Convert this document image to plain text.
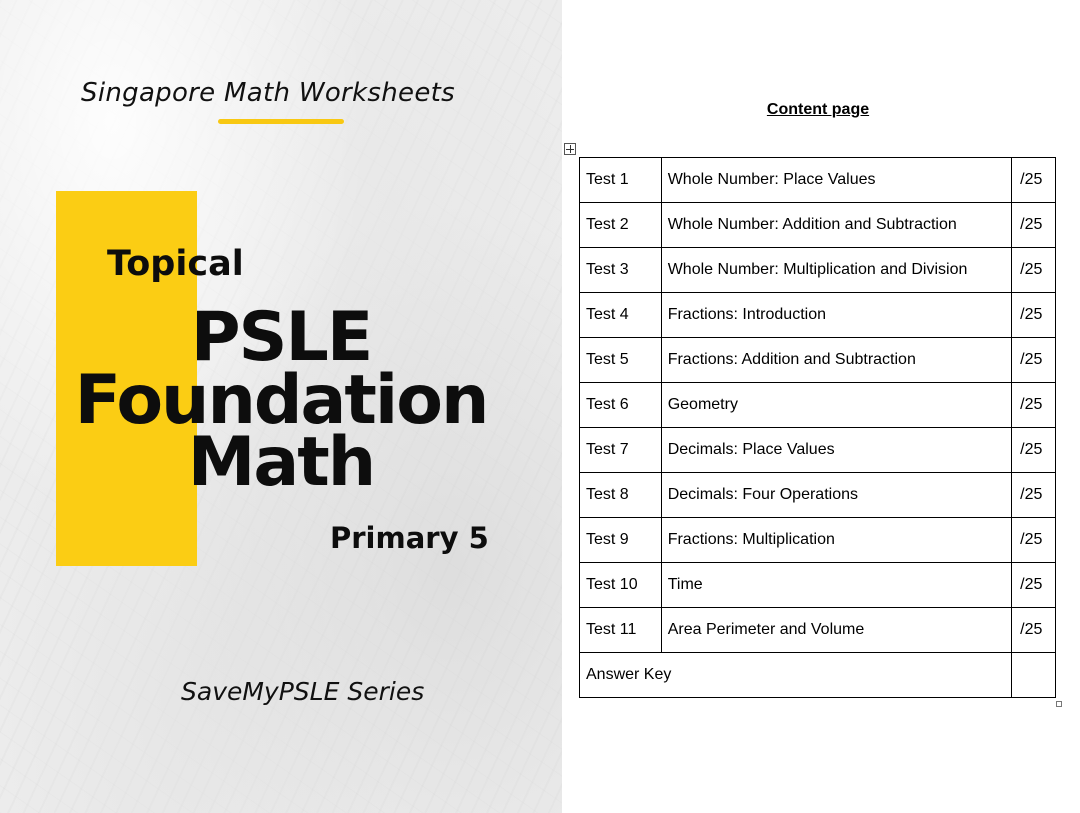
Singapore Math Worksheets
Topical
PSLE
Foundation
Math
Primary 5
SaveMyPSLE Series
Content page
Test 1	Whole Number: Place Values	/25
Test 2	Whole Number: Addition and Subtraction	/25
Test 3	Whole Number: Multiplication and Division	/25
Test 4	Fractions: Introduction	/25
Test 5	Fractions: Addition and Subtraction	/25
Test 6	Geometry	/25
Test 7	Decimals: Place Values	/25
Test 8	Decimals: Four Operations	/25
Test 9	Fractions: Multiplication	/25
Test 10	Time	/25
Test 11	Area Perimeter and Volume	/25
Answer Key		
